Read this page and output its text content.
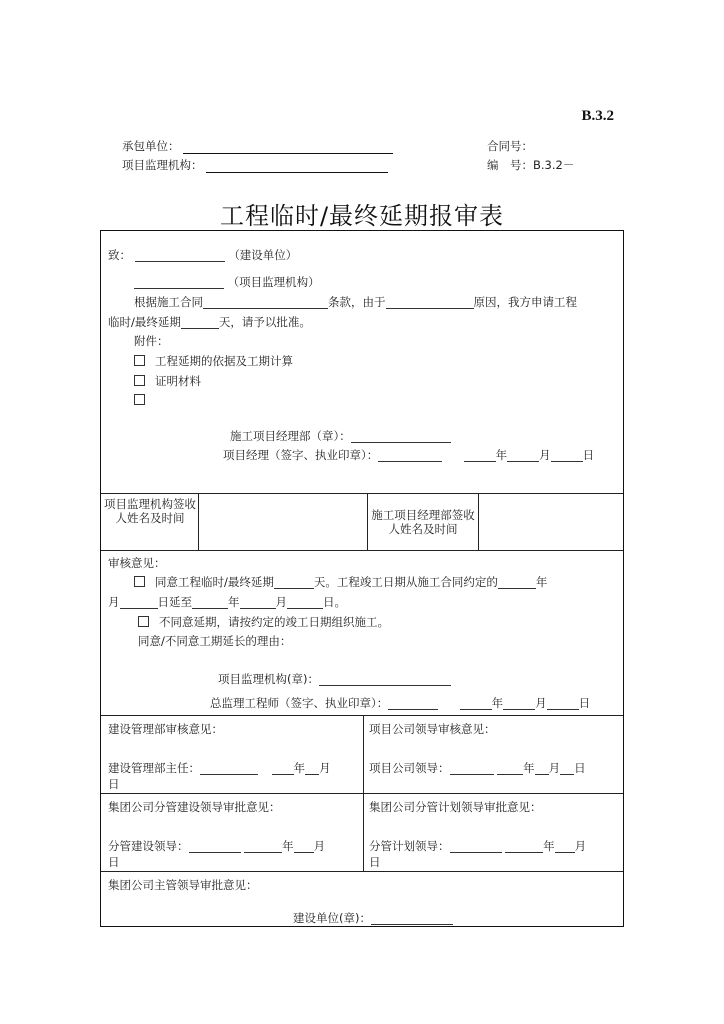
B.3.2
承包单位：
项目监理机构：
合同号：
编　号：B.3.2－
工程临时/最终延期报审表
致：	（建设单位）
（项目监理机构）
根据施工合同	条款，由于	原因，我方申请工程
临时/最终延期	天，请予以批准。
附件：
工程延期的依据及工期计算
证明材料
施工项目经理部（章）：
项目经理（签字、执业印章）：	年	月	日
项目监理机构签收人姓名及时间	施工项目经理部签收人姓名及时间
审核意见：
同意工程临时/最终延期	天。工程竣工日期从施工合同约定的	年
月	日延至	年	月	日。
不同意延期，请按约定的竣工日期组织施工。
同意/不同意工期延长的理由：
项目监理机构(章)：
总监理工程师（签字、执业印章）：	年	月	日
建设管理部审核意见：
建设管理部主任：	年 月
日
项目公司领导审核意见：
项目公司领导：	年 月 日
集团公司分管建设领导审批意见：
分管建设领导：	年 月
日
集团公司分管计划领导审批意见：
分管计划领导：	年 月
日
集团公司主管领导审批意见：
建设单位(章)：
